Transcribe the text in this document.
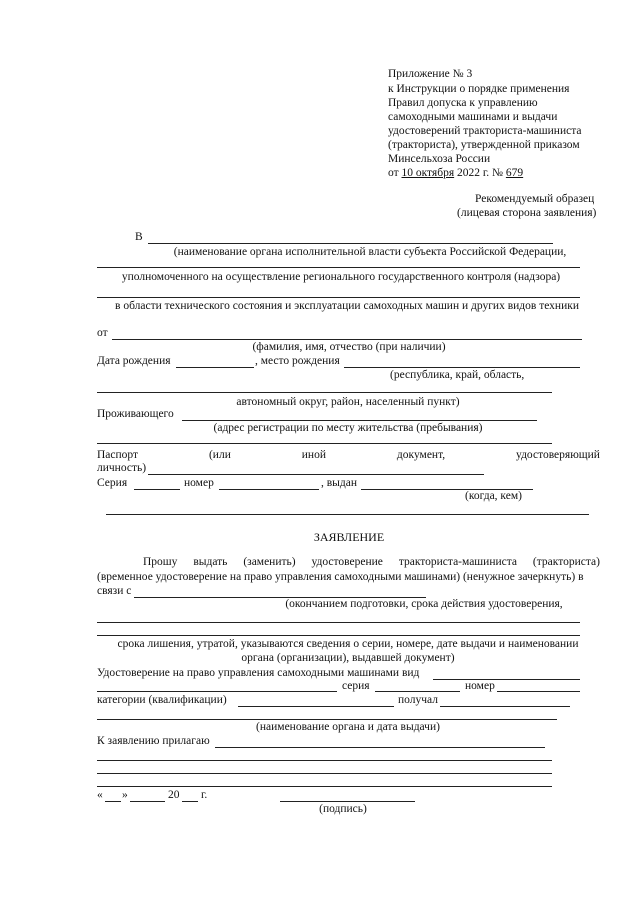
Приложение № 3
к Инструкции о порядке применения
Правил допуска к управлению
самоходными машинами и выдачи
удостоверений тракториста-машиниста
(тракториста), утвержденной приказом
Минсельхоза России
от 10 октября 2022 г. № 679
Рекомендуемый образец
(лицевая сторона заявления)
В
(наименование органа исполнительной власти субъекта Российской Федерации,
уполномоченного на осуществление регионального государственного контроля (надзора)
в области технического состояния и эксплуатации самоходных машин и других видов техники
от
(фамилия, имя, отчество (при наличии)
Дата рождения	, место рождения
(республика, край, область,
автономный округ, район, населенный пункт)
Проживающего
(адрес регистрации по месту жительства (пребывания)
Паспорт	(или	иной	документ,	удостоверяющий
личность)
Серия	номер	, выдан
(когда, кем)
ЗАЯВЛЕНИЕ
Прошу выдать (заменить) удостоверение тракториста-машиниста (тракториста)
(временное удостоверение на право управления самоходными машинами) (ненужное зачеркнуть) в
связи с
(окончанием подготовки, срока действия удостоверения,
срока лишения, утратой, указываются сведения о серии, номере, дате выдачи и наименовании
органа (организации), выдавшей документ)
Удостоверение на право управления самоходными машинами вид
серия	номер
категории (квалификации)	получал
(наименование органа и дата выдачи)
К заявлению прилагаю
« »	20 г.
(подпись)
